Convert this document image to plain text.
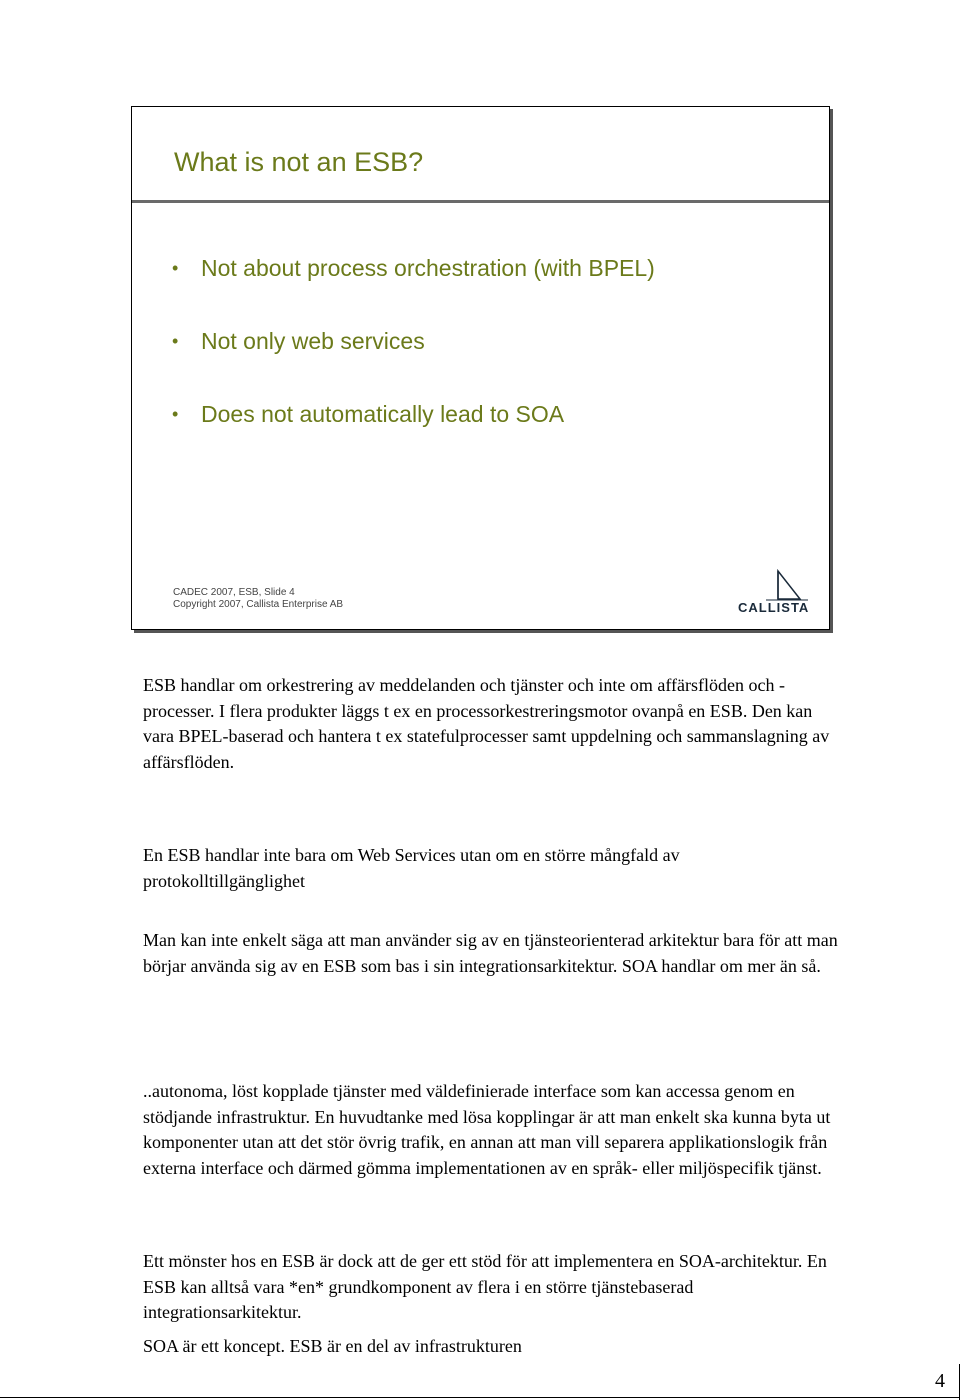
What is not an ESB?
• Not about process orchestration (with BPEL)
• Not only web services
• Does not automatically lead to SOA
CADEC 2007, ESB, Slide 4
Copyright 2007, Callista Enterprise AB	CALLISTA
ESB handlar om orkestrering av meddelanden och tjänster och inte om affärsflöden och -processer. I flera produkter läggs t ex en processorkestreringsmotor ovanpå en ESB. Den kan vara BPEL-baserad och hantera t ex statefulprocesser samt uppdelning och sammanslagning av affärsflöden.
En ESB handlar inte bara om Web Services utan om en större mångfald av protokolltillgänglighet
Man kan inte enkelt säga att man använder sig av en tjänsteorienterad arkitektur bara för att man börjar använda sig av en ESB som bas i sin integrationsarkitektur. SOA handlar om mer än så.
..autonoma, löst kopplade tjänster med väldefinierade interface som kan accessa genom en stödjande infrastruktur. En huvudtanke med lösa kopplingar är att man enkelt ska kunna byta ut komponenter utan att det stör övrig trafik, en annan att man vill separera applikationslogik från externa interface och därmed gömma implementationen av en språk- eller miljöspecifik tjänst.
Ett mönster hos en ESB är dock att de ger ett stöd för att implementera en SOA-architektur. En ESB kan alltså vara *en* grundkomponent av flera i en större tjänstebaserad integrationsarkitektur.
SOA är ett koncept. ESB är en del av infrastrukturen
4
